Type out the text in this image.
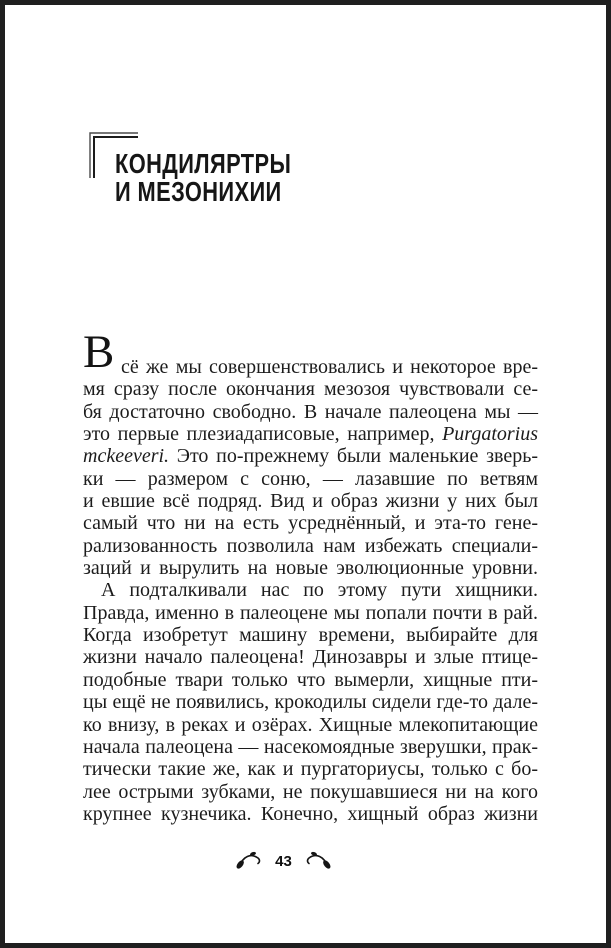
КОНДИЛЯРТРЫ
И МЕЗОНИХИИ
В сё же мы совершенствовались и некоторое вре-
мя сразу после окончания мезозоя чувствовали се-
бя достаточно свободно. В начале палеоцена мы —
это первые плезиадаписовые, например, Purgatorius
mckeeveri. Это по-прежнему были маленькие зверь-
ки — размером с соню, — лазавшие по ветвям
и евшие всё подряд. Вид и образ жизни у них был
самый что ни на есть усреднённый, и эта-то гене-
рализованность позволила нам избежать специали-
заций и вырулить на новые эволюционные уровни.
А подталкивали нас по этому пути хищники.
Правда, именно в палеоцене мы попали почти в рай.
Когда изобретут машину времени, выбирайте для
жизни начало палеоцена! Динозавры и злые птице-
подобные твари только что вымерли, хищные пти-
цы ещё не появились, крокодилы сидели где-то дале-
ко внизу, в реках и озёрах. Хищные млекопитающие
начала палеоцена — насекомоядные зверушки, прак-
тически такие же, как и пургаториусы, только с бо-
лее острыми зубками, не покушавшиеся ни на кого
крупнее кузнечика. Конечно, хищный образ жизни
43
